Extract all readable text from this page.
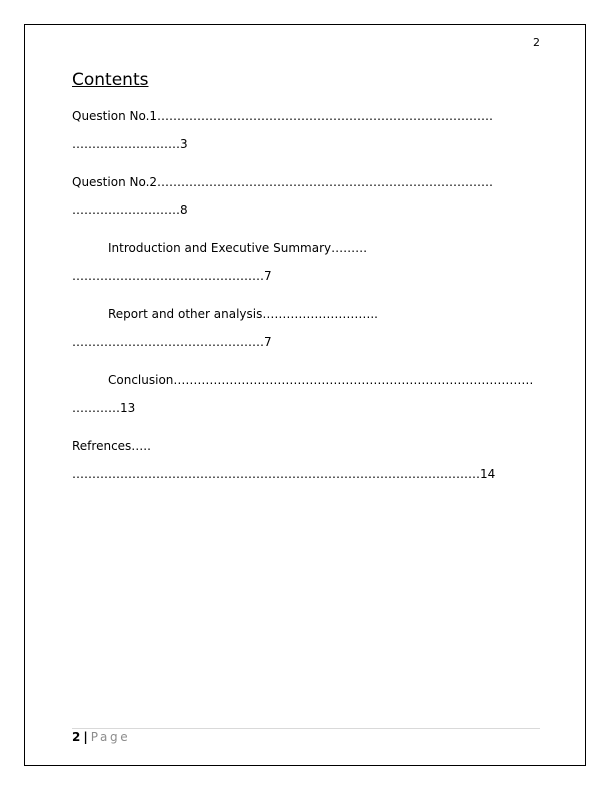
2
Contents
Question No.1…………………………………………………………………………
………………………3
Question No.2…………………………………………………………………………
………………………8
Introduction and Executive Summary………
…………………………………………7
Report and other analysis………………………..
…………………………………………7
Conclusion………………………………………………………………………………
…………13
Refrences…..
…………………………………………………………………………………………14
2 | Page
